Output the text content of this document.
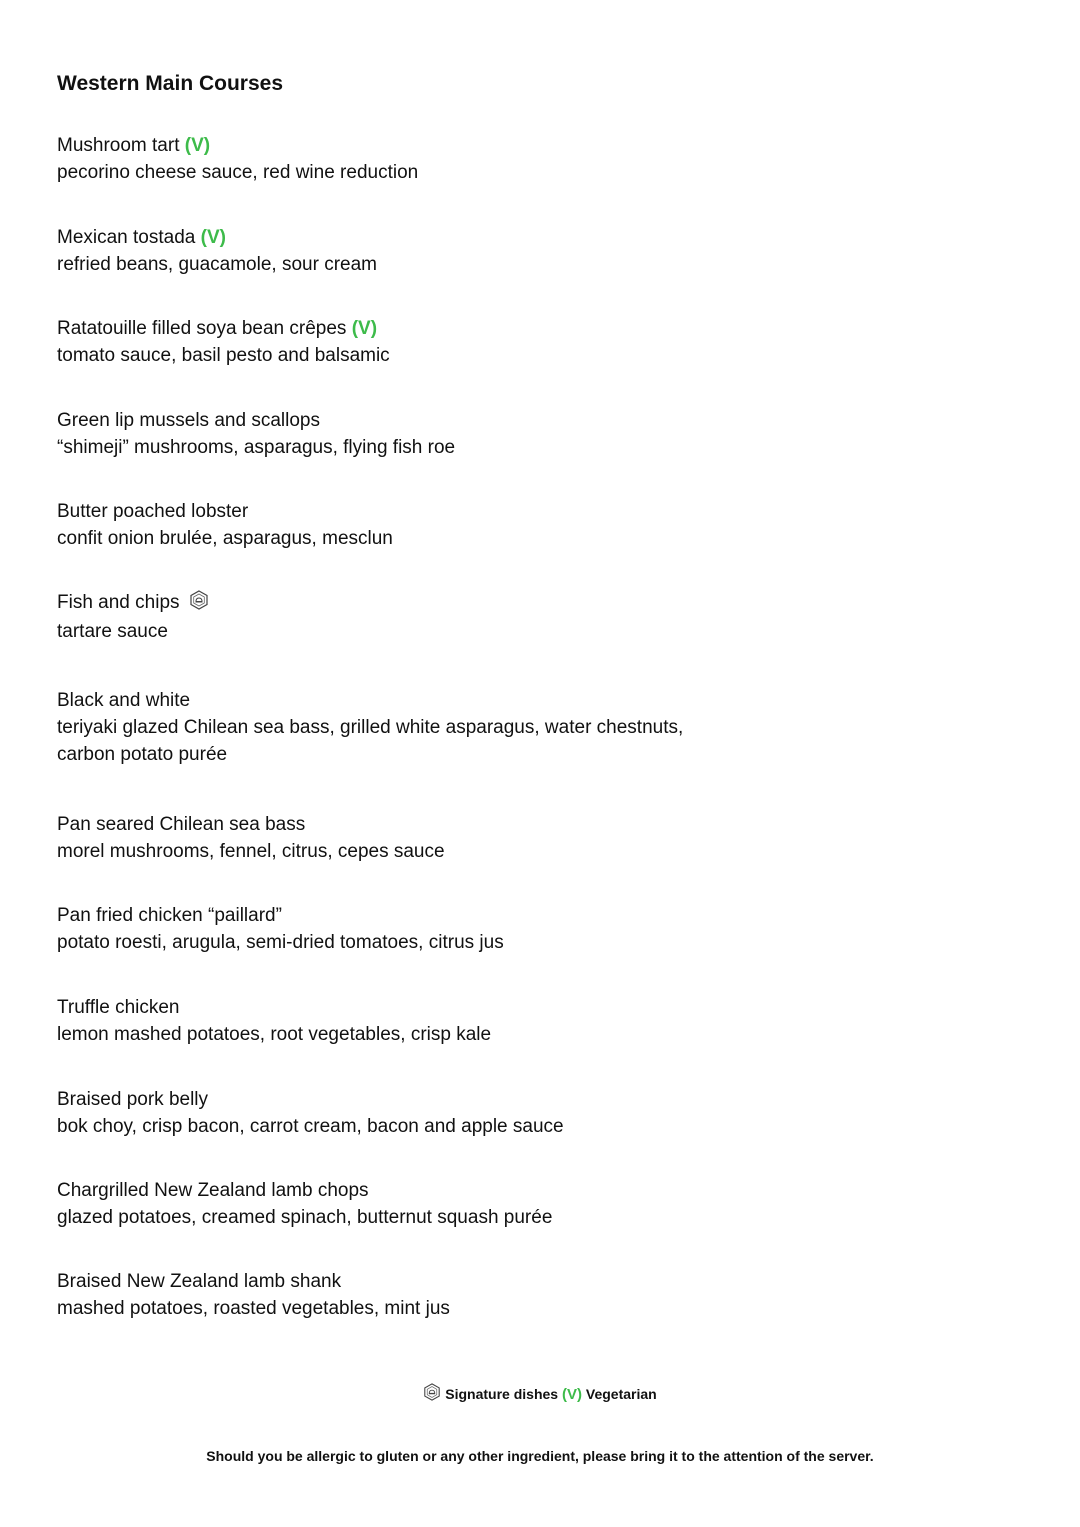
Western Main Courses
Mushroom tart (V)
pecorino cheese sauce, red wine reduction
Mexican tostada (V)
refried beans, guacamole, sour cream
Ratatouille filled soya bean crêpes (V)
tomato sauce, basil pesto and balsamic
Green lip mussels and scallops
“shimeji” mushrooms, asparagus, flying fish roe
Butter poached lobster
confit onion brulée, asparagus, mesclun
Fish and chips
tartare sauce
Black and white
teriyaki glazed Chilean sea bass, grilled white asparagus, water chestnuts,
carbon potato purée
Pan seared Chilean sea bass
morel mushrooms, fennel, citrus, cepes sauce
Pan fried chicken “paillard”
potato roesti, arugula, semi-dried tomatoes, citrus jus
Truffle chicken
lemon mashed potatoes, root vegetables, crisp kale
Braised pork belly
bok choy, crisp bacon, carrot cream, bacon and apple sauce
Chargrilled New Zealand lamb chops
glazed potatoes, creamed spinach, butternut squash purée
Braised New Zealand lamb shank
mashed potatoes, roasted vegetables, mint jus
Signature dishes (V) Vegetarian
Should you be allergic to gluten or any other ingredient, please bring it to the attention of the server.
